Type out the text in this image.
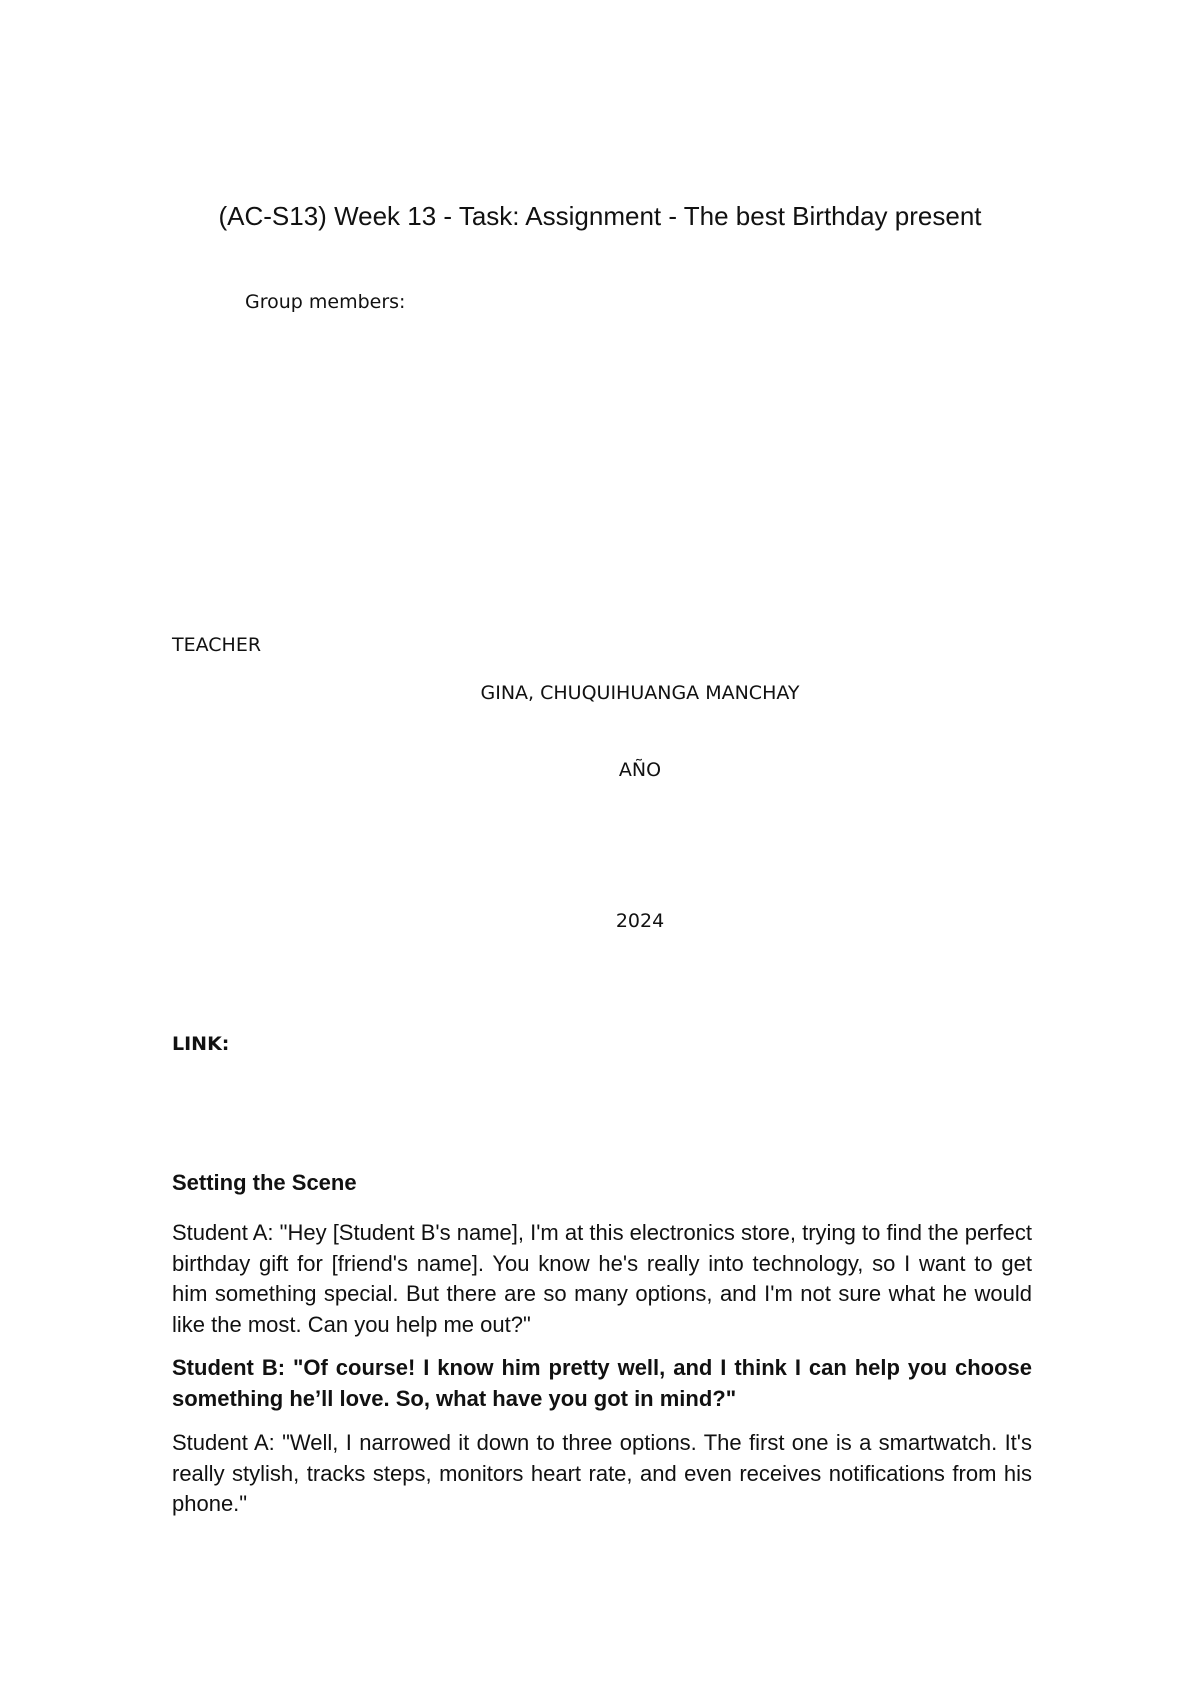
(AC-S13) Week 13 - Task: Assignment - The best Birthday present
Group members:
TEACHER
GINA, CHUQUIHUANGA MANCHAY
AÑO
2024
LINK:
Setting the Scene

Student A: "Hey [Student B's name], I'm at this electronics store, trying to find the perfect birthday gift for [friend's name]. You know he's really into technology, so I want to get him something special. But there are so many options, and I'm not sure what he would like the most. Can you help me out?"

Student B: "Of course! I know him pretty well, and I think I can help you choose something he’ll love. So, what have you got in mind?"

Student A: "Well, I narrowed it down to three options. The first one is a smartwatch. It's really stylish, tracks steps, monitors heart rate, and even receives notifications from his phone."
